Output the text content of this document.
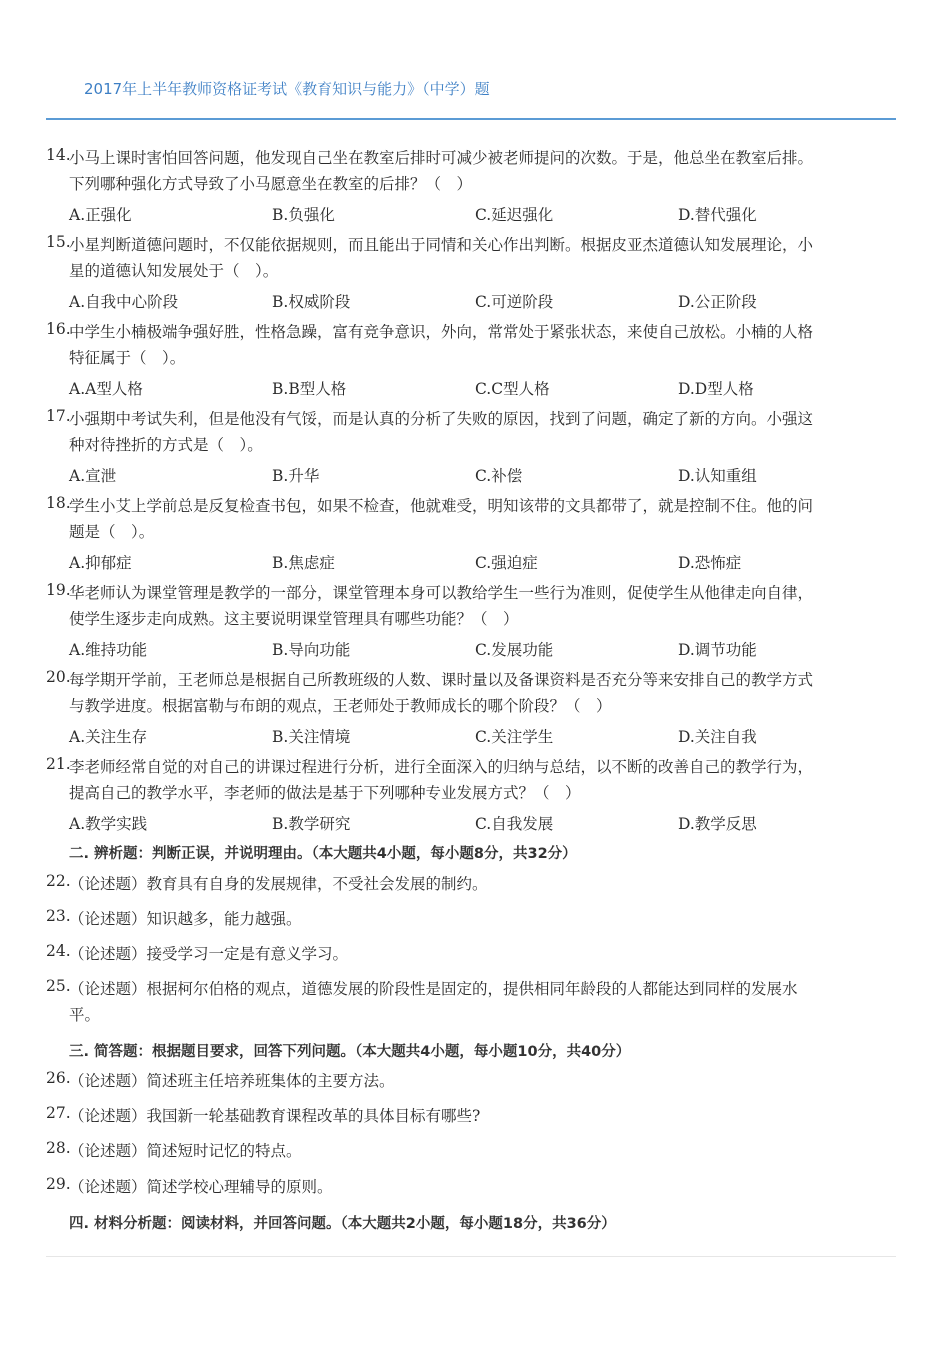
2017年上半年教师资格证考试《教育知识与能力》（中学）题
14.
小马上课时害怕回答问题，他发现自己坐在教室后排时可减少被老师提问的次数。于是，他总坐在教室后排。
下列哪种强化方式导致了小马愿意坐在教室的后排？（　）
A.正强化	B.负强化	C.延迟强化	D.替代强化
15.
小星判断道德问题时，不仅能依据规则，而且能出于同情和关心作出判断。根据皮亚杰道德认知发展理论，小
星的道德认知发展处于（　）。
A.自我中心阶段	B.权威阶段	C.可逆阶段	D.公正阶段
16.
中学生小楠极端争强好胜，性格急躁，富有竞争意识，外向，常常处于紧张状态，来使自己放松。小楠的人格
特征属于（　）。
A.A型人格	B.B型人格	C.C型人格	D.D型人格
17.
小强期中考试失利，但是他没有气馁，而是认真的分析了失败的原因，找到了问题，确定了新的方向。小强这
种对待挫折的方式是（　）。
A.宣泄	B.升华	C.补偿	D.认知重组
18.
学生小艾上学前总是反复检查书包，如果不检查，他就难受，明知该带的文具都带了，就是控制不住。他的问
题是（　）。
A.抑郁症	B.焦虑症	C.强迫症	D.恐怖症
19.
华老师认为课堂管理是教学的一部分，课堂管理本身可以教给学生一些行为准则，促使学生从他律走向自律，
使学生逐步走向成熟。这主要说明课堂管理具有哪些功能？（　）
A.维持功能	B.导向功能	C.发展功能	D.调节功能
20.
每学期开学前，王老师总是根据自己所教班级的人数、课时量以及备课资料是否充分等来安排自己的教学方式
与教学进度。根据富勒与布朗的观点，王老师处于教师成长的哪个阶段？（　）
A.关注生存	B.关注情境	C.关注学生	D.关注自我
21.
李老师经常自觉的对自己的讲课过程进行分析，进行全面深入的归纳与总结，以不断的改善自己的教学行为，
提高自己的教学水平，李老师的做法是基于下列哪种专业发展方式？（　）
A.教学实践	B.教学研究	C.自我发展	D.教学反思
二. 辨析题：判断正误，并说明理由。（本大题共4小题，每小题8分，共32分）
22.
（论述题）教育具有自身的发展规律，不受社会发展的制约。
23.
（论述题）知识越多，能力越强。
24.
（论述题）接受学习一定是有意义学习。
25.
（论述题）根据柯尔伯格的观点，道德发展的阶段性是固定的，提供相同年龄段的人都能达到同样的发展水
平。
三. 简答题：根据题目要求，回答下列问题。（本大题共4小题，每小题10分，共40分）
26.
（论述题）简述班主任培养班集体的主要方法。
27.
（论述题）我国新一轮基础教育课程改革的具体目标有哪些?
28.
（论述题）简述短时记忆的特点。
29.
（论述题）简述学校心理辅导的原则。
四. 材料分析题：阅读材料，并回答问题。（本大题共2小题，每小题18分，共36分）
